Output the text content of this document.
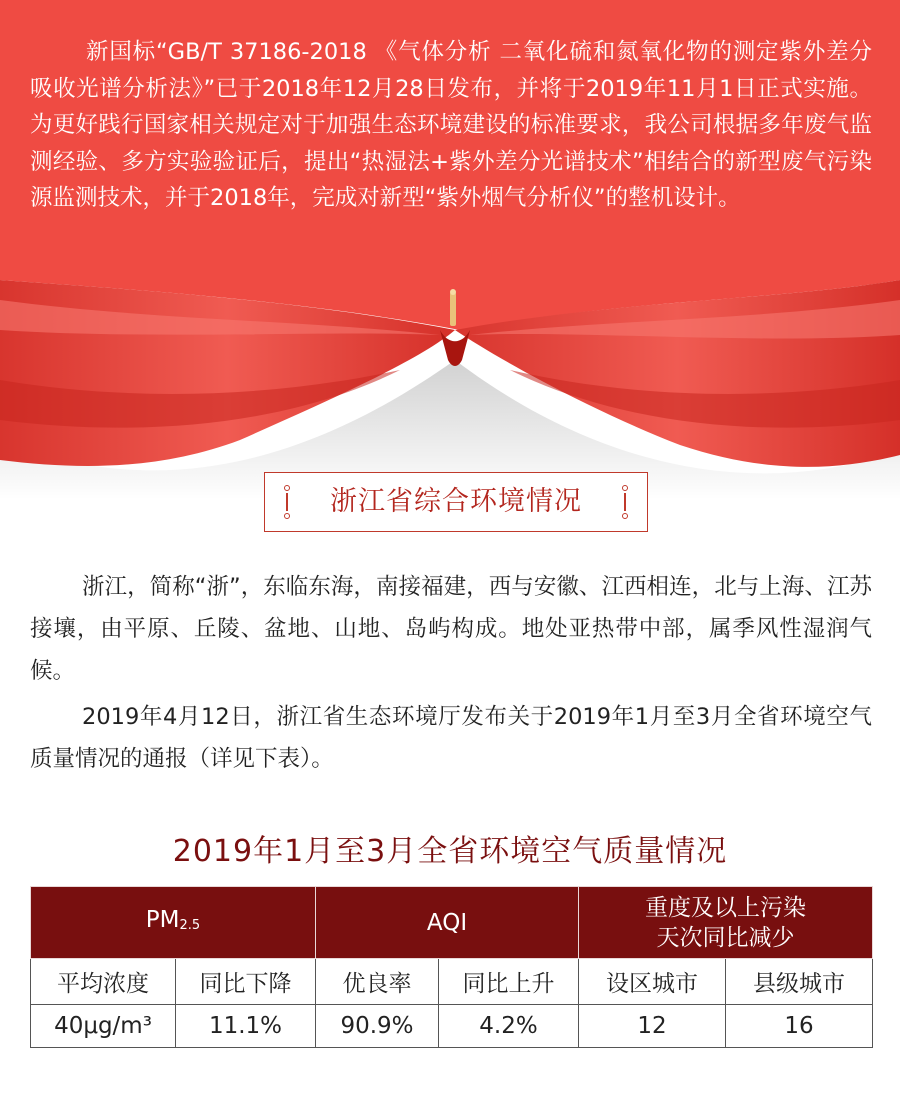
新国标“GB/T 37186-2018 《气体分析 二氧化硫和氮氧化物的测定紫外差分吸收光谱分析法》”已于2018年12月28日发布，并将于2019年11月1日正式实施。为更好践行国家相关规定对于加强生态环境建设的标准要求，我公司根据多年废气监测经验、多方实验验证后，提出“热湿法+紫外差分光谱技术”相结合的新型废气污染源监测技术，并于2018年，完成对新型“紫外烟气分析仪”的整机设计。
浙江省综合环境情况

浙江，简称“浙”，东临东海，南接福建，西与安徽、江西相连，北与上海、江苏接壤，由平原、丘陵、盆地、山地、岛屿构成。地处亚热带中部，属季风性湿润气候。

2019年4月12日，浙江省生态环境厅发布关于2019年1月至3月全省环境空气质量情况的通报（详见下表）。

2019年1月至3月全省环境空气质量情况
$PM_{2.5}$		AQI		重度及以上污染
天次同比减少	

平均浓度	同比下降	优良率	同比上升	设区城市	县级城市
40μg/m³	11.1%	90.9%	4.2%	12	16
